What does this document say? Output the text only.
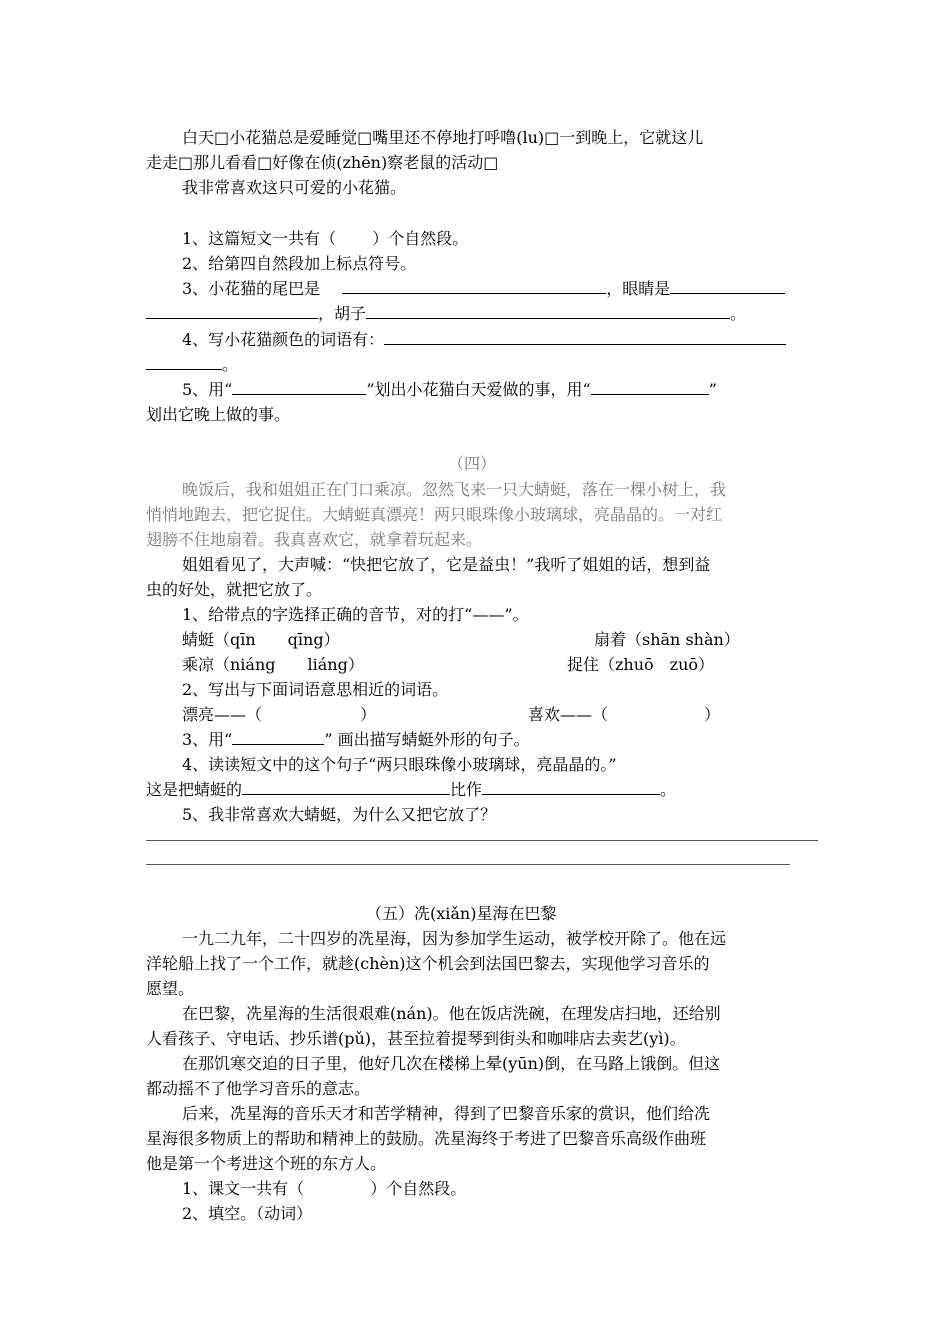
白天□小花猫总是爱睡觉□嘴里还不停地打呼噜(lu)□一到晚上，它就这儿
走走□那儿看看□好像在侦(zhēn)察老鼠的活动□
我非常喜欢这只可爱的小花猫。
1、这篇短文一共有（ ）个自然段。
2、给第四自然段加上标点符号。
3、小花猫的尾巴是	，眼睛是
，胡子	。
4、写小花猫颜色的词语有：
。
5、用“	”划出小花猫白天爱做的事，用“	”
划出它晚上做的事。
（四）
晚饭后，我和姐姐正在门口乘凉。忽然飞来一只大蜻蜓，落在一棵小树上，我
悄悄地跑去，把它捉住。大蜻蜓真漂亮！两只眼珠像小玻璃球，亮晶晶的。一对红
翅膀不住地扇着。我真喜欢它，就拿着玩起来。
姐姐看见了，大声喊：“快把它放了，它是益虫！”我听了姐姐的话，想到益
虫的好处，就把它放了。
1、给带点的字选择正确的音节，对的打“——”。
蜻蜓（qīn　　qīng）	扇着（shān shàn）
乘凉（niáng　　liáng）	捉住（zhuō　zuō）
2、写出与下面词语意思相近的词语。
漂亮——（	）	喜欢——（	）
3、用“	” 画出描写蜻蜓外形的句子。
4、读读短文中的这个句子“两只眼珠像小玻璃球，亮晶晶的。”
这是把蜻蜓的	比作	。
5、我非常喜欢大蜻蜓，为什么又把它放了？
（五）冼(xiǎn)星海在巴黎
一九二九年，二十四岁的冼星海，因为参加学生运动，被学校开除了。他在远
洋轮船上找了一个工作，就趁(chèn)这个机会到法国巴黎去，实现他学习音乐的
愿望。
在巴黎，冼星海的生活很艰难(nán)。他在饭店洗碗，在理发店扫地，还给别
人看孩子、守电话、抄乐谱(pǔ)，甚至拉着提琴到街头和咖啡店去卖艺(yì)。
在那饥寒交迫的日子里，他好几次在楼梯上晕(yūn)倒，在马路上饿倒。但这
都动摇不了他学习音乐的意志。
后来，冼星海的音乐天才和苦学精神，得到了巴黎音乐家的赏识，他们给冼
星海很多物质上的帮助和精神上的鼓励。冼星海终于考进了巴黎音乐高级作曲班
他是第一个考进这个班的东方人。
1、课文一共有（	）个自然段。
2、填空。（动词）
